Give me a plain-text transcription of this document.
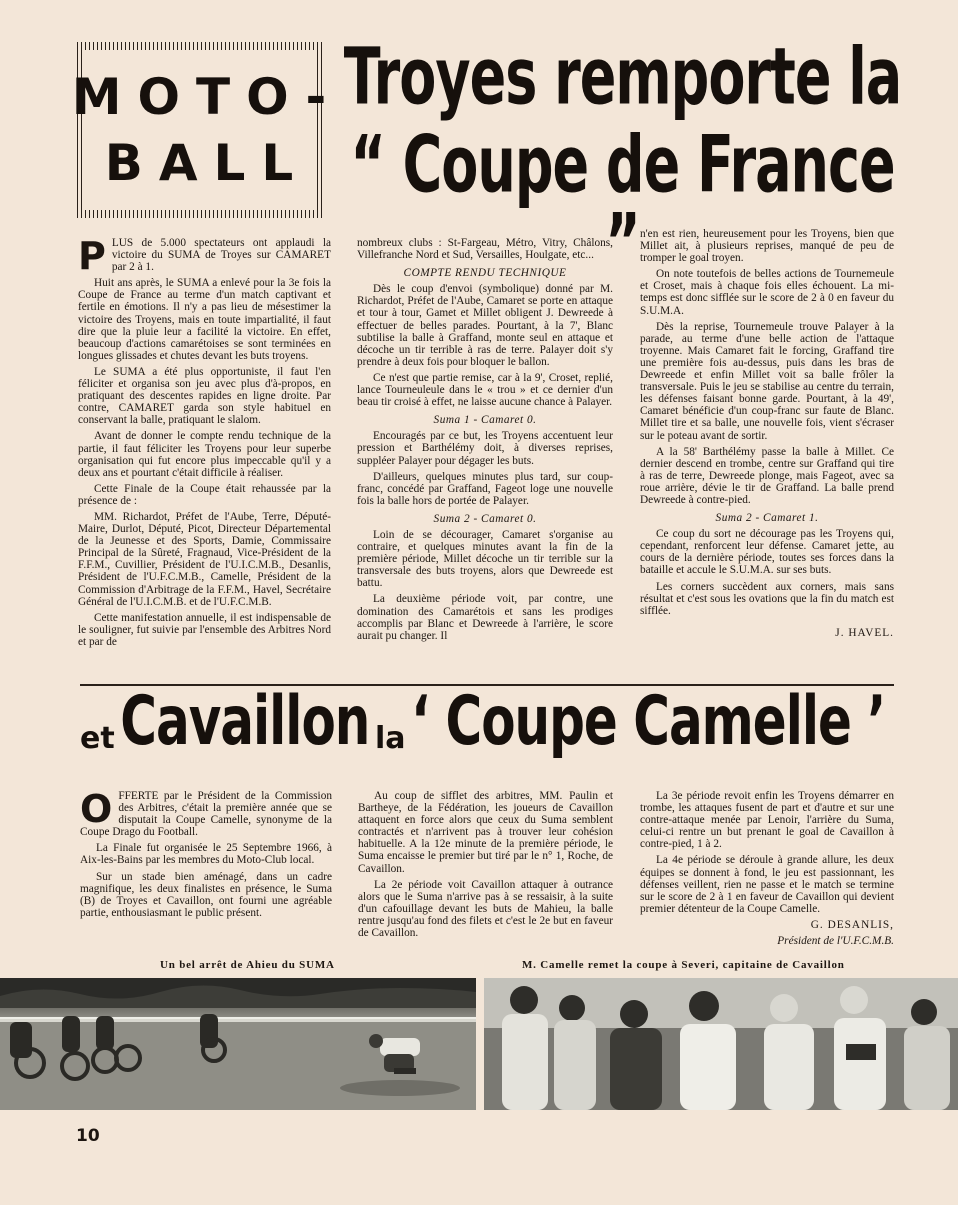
MOTO-
BALL
Troyes remporte la
“ Coupe de France ”

PLUS de 5.000 spectateurs ont applaudi la victoire du SUMA de Troyes sur CAMARET par 2 à 1.

Huit ans après, le SUMA a enlevé pour la 3e fois la Coupe de France au terme d'un match captivant et fertile en émotions. Il n'y a pas lieu de mésestimer la victoire des Troyens, mais en toute impartialité, il faut dire que la pluie leur a facilité la victoire. En effet, beaucoup d'actions camarétoises se sont terminées en longues glissades et chutes devant les buts troyens.

Le SUMA a été plus opportuniste, il faut l'en féliciter et organisa son jeu avec plus d'à-propos, en pratiquant des descentes rapides en ligne droite. Par contre, CAMARET garda son style habituel en conservant la balle, pratiquant le slalom.

Avant de donner le compte rendu technique de la partie, il faut féliciter les Troyens pour leur superbe organisation qui fut encore plus impeccable qu'il y a deux ans et pourtant c'était difficile à réaliser.

Cette Finale de la Coupe était rehaussée par la présence de :

MM. Richardot, Préfet de l'Aube, Terre, Député-Maire, Durlot, Député, Picot, Directeur Départemental de la Jeunesse et des Sports, Damie, Commissaire Principal de la Sûreté, Fragnaud, Vice-Président de la F.F.M., Cuvillier, Président de l'U.I.C.M.B., Desanlis, Président de l'U.F.C.M.B., Camelle, Président de la Commission d'Arbitrage de la F.F.M., Havel, Secrétaire Général de l'U.I.C.M.B. et de l'U.F.C.M.B.

Cette manifestation annuelle, il est indispensable de le souligner, fut suivie par l'ensemble des Arbitres Nord et par de

nombreux clubs : St-Fargeau, Métro, Vitry, Châlons, Villefranche Nord et Sud, Versailles, Houlgate, etc...

COMPTE RENDU TECHNIQUE

Dès le coup d'envoi (symbolique) donné par M. Richardot, Préfet de l'Aube, Camaret se porte en attaque et tour à tour, Gamet et Millet obligent J. Dewreede à effectuer de belles parades. Pourtant, à la 7', Blanc subtilise la balle à Graffand, monte seul en attaque et décoche un tir terrible à ras de terre. Palayer doit s'y prendre à deux fois pour bloquer le ballon.

Ce n'est que partie remise, car à la 9', Croset, replié, lance Tourneuleule dans le « trou » et ce dernier d'un beau tir croisé à effet, ne laisse aucune chance à Palayer.

Suma 1 - Camaret 0.

Encouragés par ce but, les Troyens accentuent leur pression et Barthélémy doit, à diverses reprises, suppléer Palayer pour dégager les buts.

D'ailleurs, quelques minutes plus tard, sur coup-franc, concédé par Graffand, Fageot loge une nouvelle fois la balle hors de portée de Palayer.

Suma 2 - Camaret 0.

Loin de se décourager, Camaret s'organise au contraire, et quelques minutes avant la fin de la première période, Millet décoche un tir terrible sur la transversale des buts troyens, alors que Dewreede est battu.

La deuxième période voit, par contre, une domination des Camarétois et sans les prodiges accomplis par Blanc et Dewreede à l'arrière, le score aurait pu changer. Il

n'en est rien, heureusement pour les Troyens, bien que Millet ait, à plusieurs reprises, manqué de peu de tromper le goal troyen.

On note toutefois de belles actions de Tournemeule et Croset, mais à chaque fois elles échouent. La mi-temps est donc sifflée sur le score de 2 à 0 en faveur du S.U.M.A.

Dès la reprise, Tournemeule trouve Palayer à la parade, au terme d'une belle action de l'attaque troyenne. Mais Camaret fait le forcing, Graffand tire une première fois au-dessus, puis dans les bras de Dewreede et enfin Millet voit sa balle frôler la transversale. Puis le jeu se stabilise au centre du terrain, les défenses faisant bonne garde. Pourtant, à la 49', Camaret bénéficie d'un coup-franc sur faute de Blanc. Millet tire et sa balle, une nouvelle fois, vient s'écraser sur le poteau avant de sortir.

A la 58' Barthélémy passe la balle à Millet. Ce dernier descend en trombe, centre sur Graffand qui tire à ras de terre, Dewreede plonge, mais Fageot, avec sa roue arrière, dévie le tir de Graffand. La balle prend Dewreede à contre-pied.

Suma 2 - Camaret 1.

Ce coup du sort ne décourage pas les Troyens qui, cependant, renforcent leur défense. Camaret jette, au cours de la dernière période, toutes ses forces dans la bataille et accule le S.U.M.A. sur ses buts.

Les corners succèdent aux corners, mais sans résultat et c'est sous les ovations que la fin du match est sifflée.

J. HAVEL.

et Cavaillon la ‘ Coupe Camelle ’

OFFERTE par le Président de la Commission des Arbitres, c'était la première année que se disputait la Coupe Camelle, synonyme de la Coupe Drago du Football.

La Finale fut organisée le 25 Septembre 1966, à Aix-les-Bains par les membres du Moto-Club local.

Sur un stade bien aménagé, dans un cadre magnifique, les deux finalistes en présence, le Suma (B) de Troyes et Cavaillon, ont fourni une agréable partie, enthousiasmant le public présent.

Au coup de sifflet des arbitres, MM. Paulin et Bartheye, de la Fédération, les joueurs de Cavaillon attaquent en force alors que ceux du Suma semblent contractés et n'arrivent pas à trouver leur cohésion habituelle. A la 12e minute de la première période, le Suma encaisse le premier but tiré par le n° 1, Roche, de Cavaillon.

La 2e période voit Cavaillon attaquer à outrance alors que le Suma n'arrive pas à se ressaisir, à la suite d'un cafouillage devant les buts de Mahieu, la balle rentre jusqu'au fond des filets et c'est le 2e but en faveur de Cavaillon.

La 3e période revoit enfin les Troyens démarrer en trombe, les attaques fusent de part et d'autre et sur une contre-attaque menée par Lenoir, l'arrière du Suma, celui-ci rentre un but prenant le goal de Cavaillon à contre-pied, 1 à 2.

La 4e période se déroule à grande allure, les deux équipes se donnent à fond, le jeu est passionnant, les défenses veillent, rien ne passe et le match se termine sur le score de 2 à 1 en faveur de Cavaillon qui devient premier détenteur de la Coupe Camelle.

G. DESANLIS,

Président de l'U.F.C.M.B.

Un bel arrêt de Ahieu du SUMA	M. Camelle remet la coupe à Severi, capitaine de Cavaillon
10
